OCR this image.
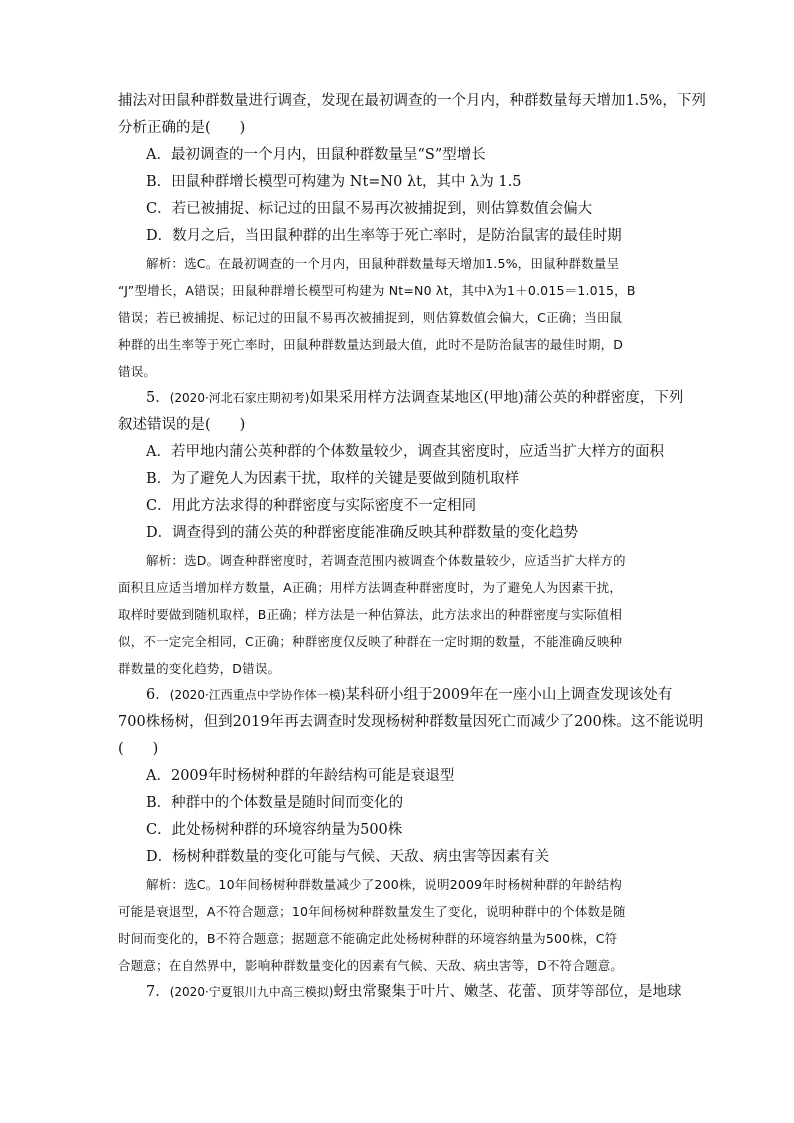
捕法对田鼠种群数量进行调查，发现在最初调查的一个月内，种群数量每天增加1.5%，下列
分析正确的是(　　)
A．最初调查的一个月内，田鼠种群数量呈“S”型增长
B．田鼠种群增长模型可构建为 Nt=N0 λt，其中 λ为 1.5
C．若已被捕捉、标记过的田鼠不易再次被捕捉到，则估算数值会偏大
D．数月之后，当田鼠种群的出生率等于死亡率时，是防治鼠害的最佳时期
解析：选C。在最初调查的一个月内，田鼠种群数量每天增加1.5%，田鼠种群数量呈
“J”型增长，A错误；田鼠种群增长模型可构建为 Nt=N0 λt，其中λ为1＋0.015＝1.015，B
错误；若已被捕捉、标记过的田鼠不易再次被捕捉到，则估算数值会偏大，C正确；当田鼠
种群的出生率等于死亡率时，田鼠种群数量达到最大值，此时不是防治鼠害的最佳时期，D
错误。
5．(2020·河北石家庄期初考)如果采用样方法调查某地区(甲地)蒲公英的种群密度，下列
叙述错误的是(　　)
A．若甲地内蒲公英种群的个体数量较少，调查其密度时，应适当扩大样方的面积
B．为了避免人为因素干扰，取样的关键是要做到随机取样
C．用此方法求得的种群密度与实际密度不一定相同
D．调查得到的蒲公英的种群密度能准确反映其种群数量的变化趋势
解析：选D。调查种群密度时，若调查范围内被调查个体数量较少，应适当扩大样方的
面积且应适当增加样方数量，A正确；用样方法调查种群密度时，为了避免人为因素干扰，
取样时要做到随机取样，B正确；样方法是一种估算法，此方法求出的种群密度与实际值相
似，不一定完全相同，C正确；种群密度仅反映了种群在一定时期的数量，不能准确反映种
群数量的变化趋势，D错误。
6．(2020·江西重点中学协作体一模)某科研小组于2009年在一座小山上调查发现该处有
700株杨树，但到2019年再去调查时发现杨树种群数量因死亡而减少了200株。这不能说明
(　　)
A．2009年时杨树种群的年龄结构可能是衰退型
B．种群中的个体数量是随时间而变化的
C．此处杨树种群的环境容纳量为500株
D．杨树种群数量的变化可能与气候、天敌、病虫害等因素有关
解析：选C。10年间杨树种群数量减少了200株，说明2009年时杨树种群的年龄结构
可能是衰退型，A不符合题意；10年间杨树种群数量发生了变化，说明种群中的个体数是随
时间而变化的，B不符合题意；据题意不能确定此处杨树种群的环境容纳量为500株，C符
合题意；在自然界中，影响种群数量变化的因素有气候、天敌、病虫害等，D不符合题意。
7．(2020·宁夏银川九中高三模拟)蚜虫常聚集于叶片、嫩茎、花蕾、顶芽等部位，是地球
